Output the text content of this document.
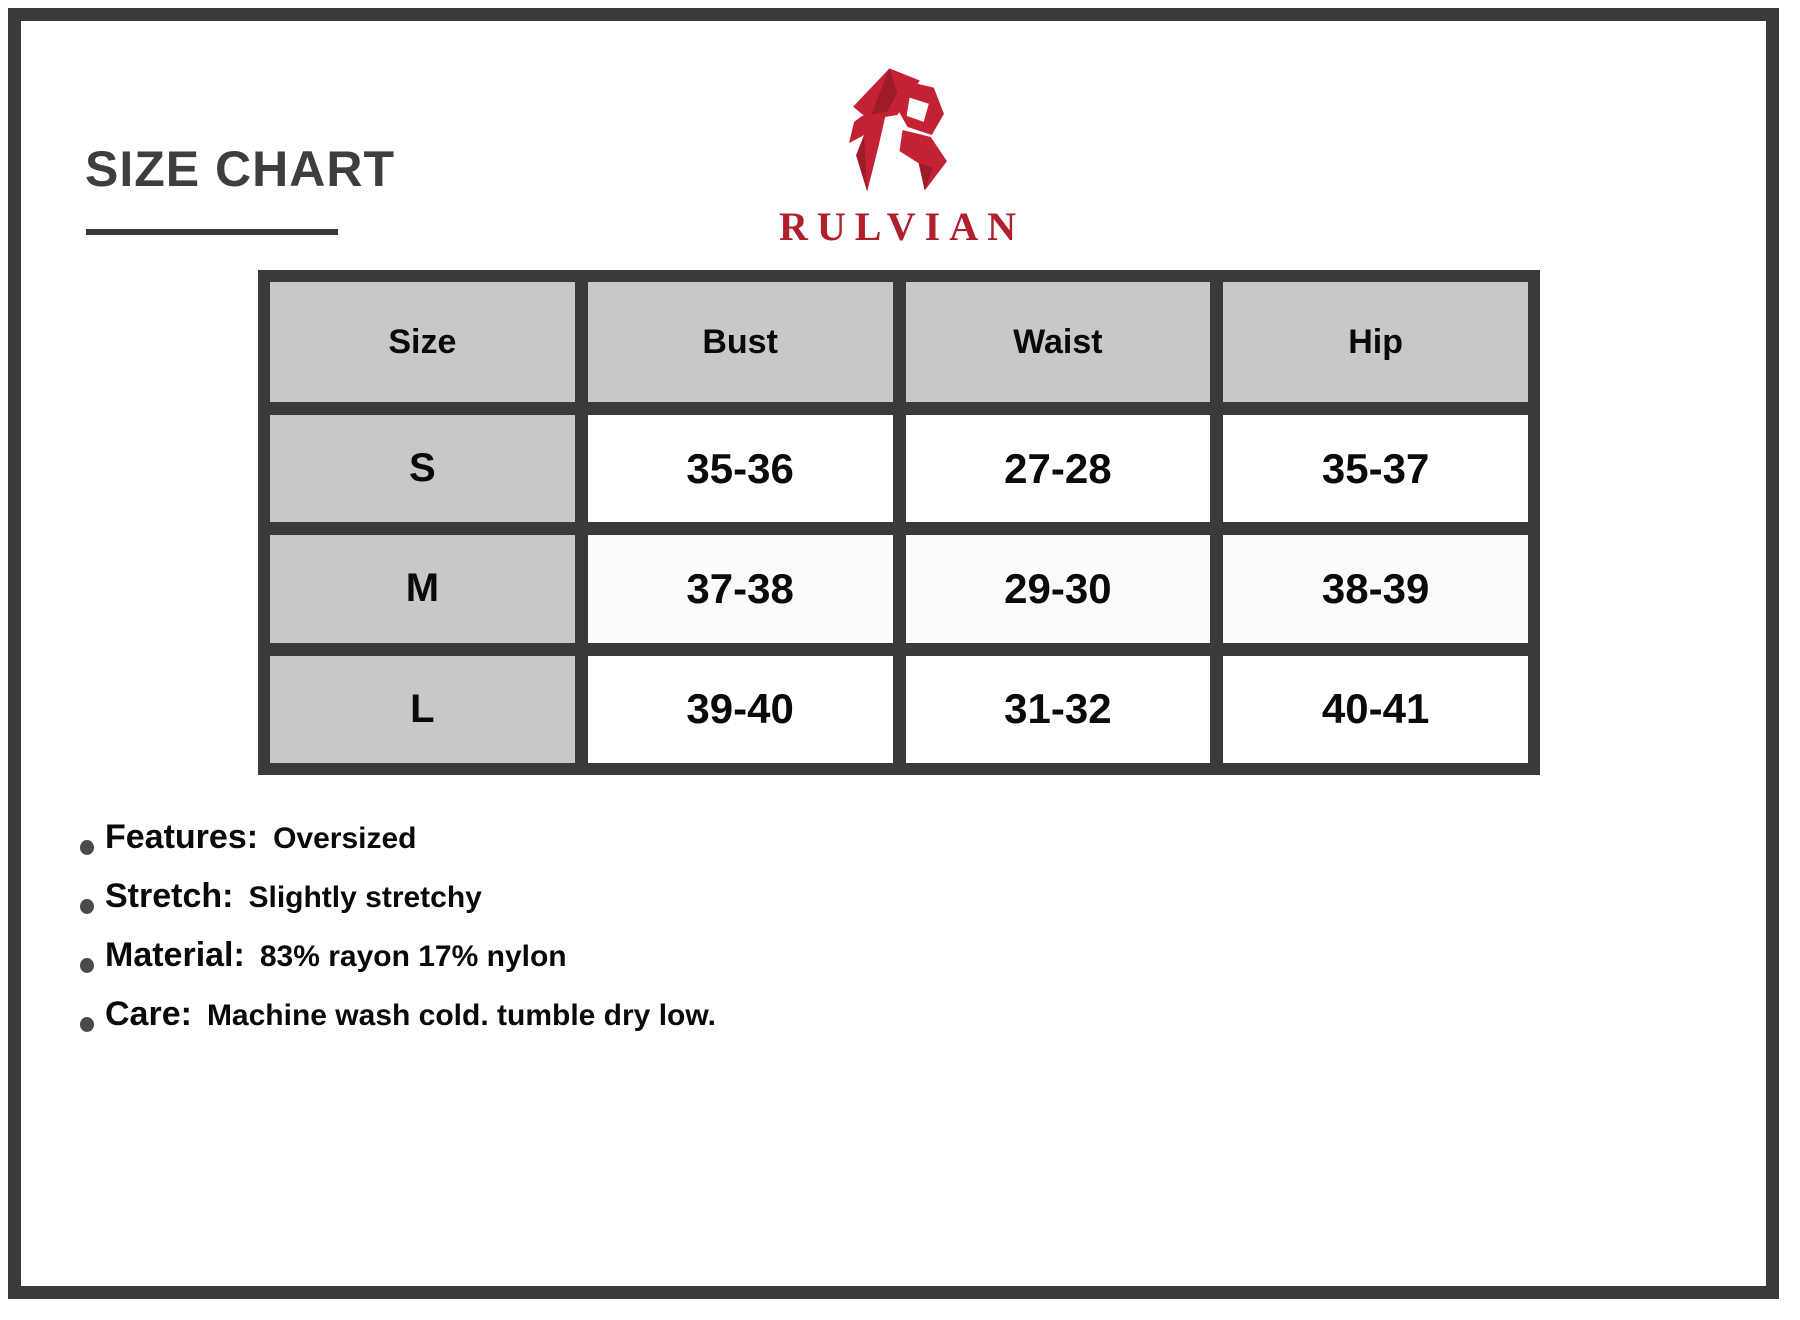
SIZE CHART
RULVIAN
Size	Bust	Waist	Hip
S	35-36	27-28	35-37
M	37-38	29-30	38-39
L	39-40	31-32	40-41
Features: Oversized
Stretch: Slightly stretchy
Material: 83% rayon 17% nylon
Care: Machine wash cold. tumble dry low.
